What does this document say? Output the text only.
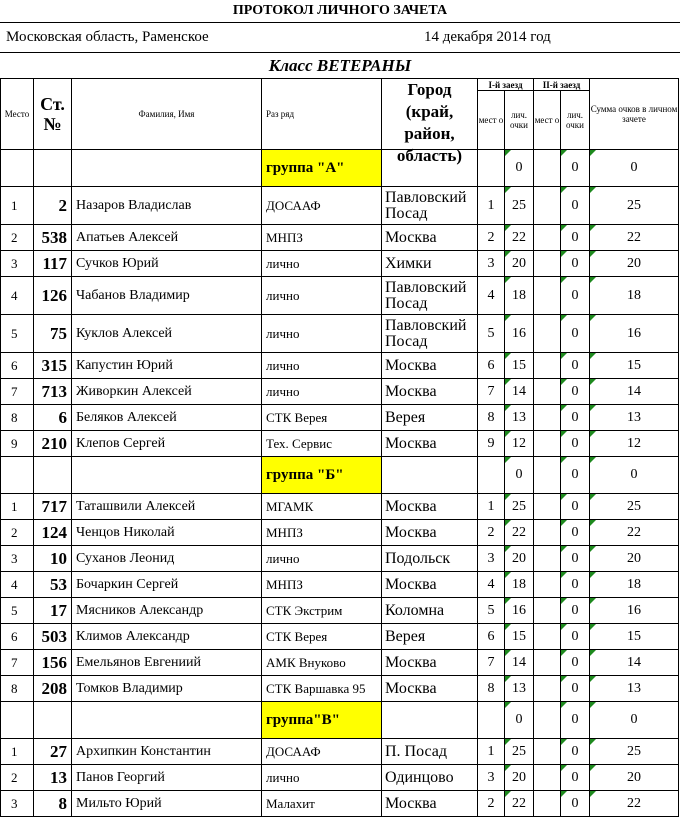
ПРОТОКОЛ ЛИЧНОГО ЗАЧЕТА
Московская область, Раменское	14 декабря 2014 год
Класс ВЕТЕРАНЫ
Место	Ст. №	Фамилия, Имя	Раз ряд	Город (край, район, область)	I-й заезд		II-й заезд		Сумма очков в личном зачете
					мест о	лич. очки	мест о	лич. очки	
			группа "А"			0		0	0
1	2	Назаров Владислав	ДОСААФ	Павловский Посад	1	25		0	25
2	538	Апатьев Алексей	МНПЗ	Москва	2	22		0	22
3	117	Сучков Юрий	лично	Химки	3	20		0	20
4	126	Чабанов Владимир	лично	Павловский Посад	4	18		0	18
5	75	Куклов Алексей	лично	Павловский Посад	5	16		0	16
6	315	Капустин Юрий	лично	Москва	6	15		0	15
7	713	Живоркин Алексей	лично	Москва	7	14		0	14
8	6	Беляков Алексей	СТК Верея	Верея	8	13		0	13
9	210	Клепов Сергей	Тех. Сервис	Москва	9	12		0	12
			группа "Б"			0		0	0
1	717	Таташвили Алексей	МГАМК	Москва	1	25		0	25
2	124	Ченцов Николай	МНПЗ	Москва	2	22		0	22
3	10	Суханов Леонид	лично	Подольск	3	20		0	20
4	53	Бочаркин Сергей	МНПЗ	Москва	4	18		0	18
5	17	Мясников Александр	СТК Экстрим	Коломна	5	16		0	16
6	503	Климов Александр	СТК Верея	Верея	6	15		0	15
7	156	Емельянов Евгениий	АМК Внуково	Москва	7	14		0	14
8	208	Томков Владимир	СТК Варшавка 95	Москва	8	13		0	13
			группа"В"			0		0	0
1	27	Архипкин Константин	ДОСААФ	П. Посад	1	25		0	25
2	13	Панов Георгий	лично	Одинцово	3	20		0	20
3	8	Мильто Юрий	Малахит	Москва	2	22		0	22
